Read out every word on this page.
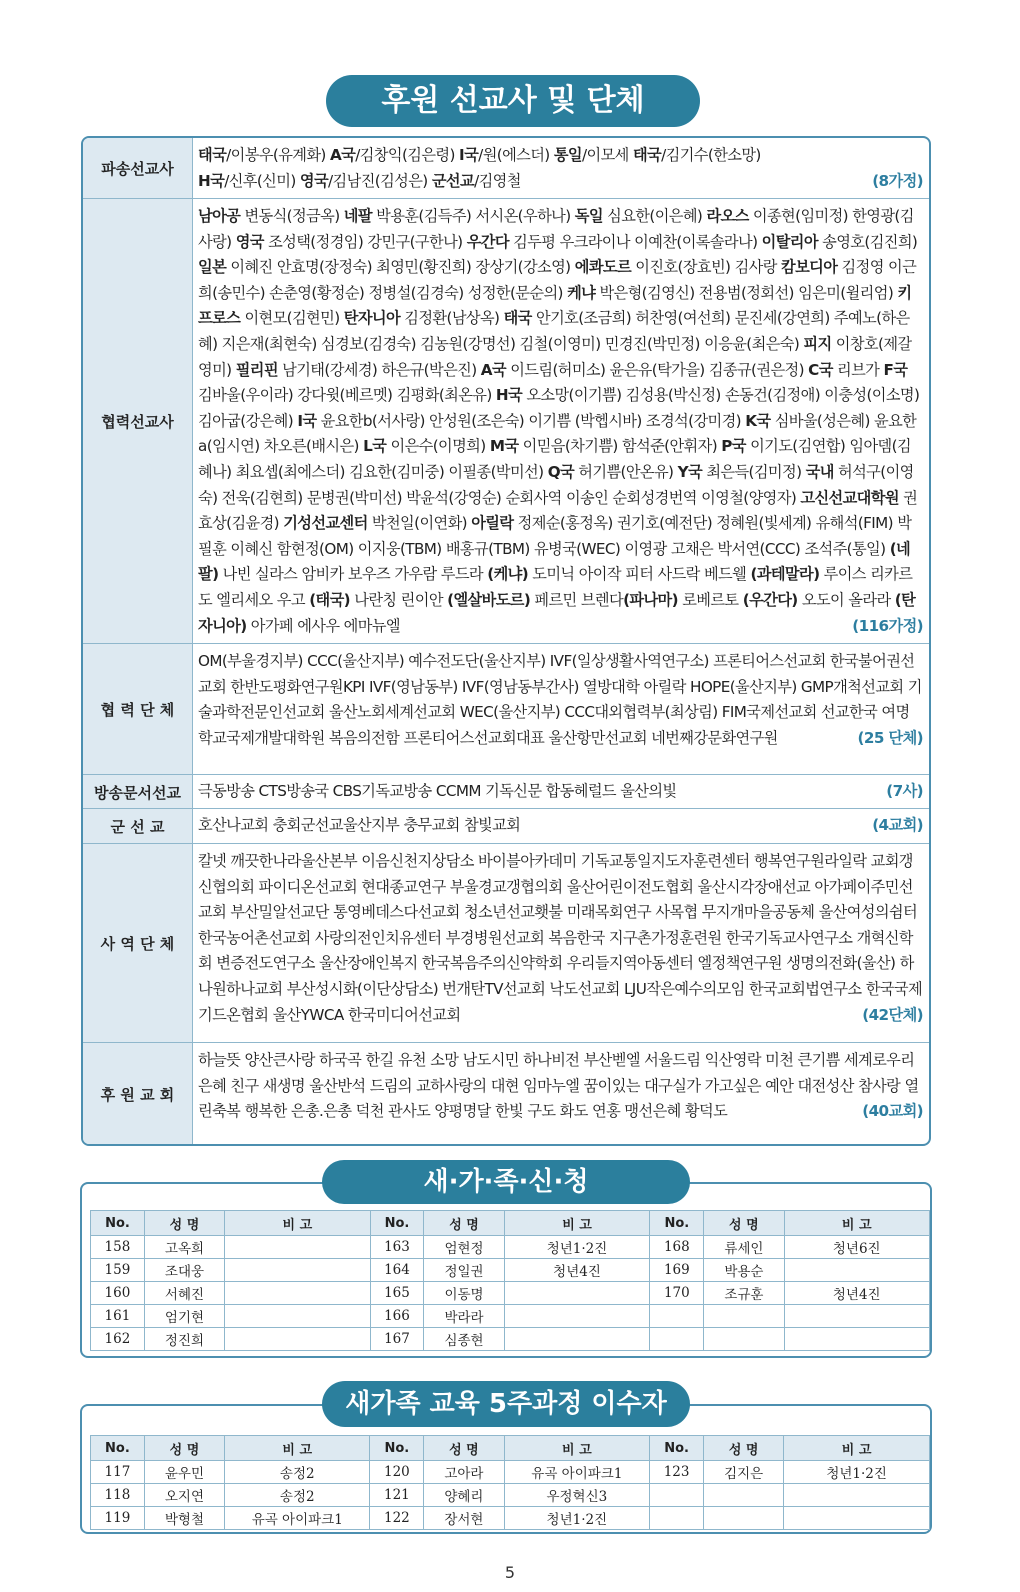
후원 선교사 및 단체
파송선교사
태국/이봉우(유계화) A국/김창익(김은령) I국/원(에스더) 통일/이모세 태국/김기수(한소망)
H국/신후(신미) 영국/김남진(김성은) 군선교/김영철	(8가정)
협력선교사
남아공 변동식(정금옥) 네팔 박용훈(김득주) 서시온(우하나) 독일 심요한(이은혜) 라오스 이종현(임미정) 한영광(김사랑) 영국 조성택(정경임) 강민구(구한나) 우간다 김두평 우크라이나 이예찬(이록솔라나) 이탈리아 송영호(김진희) 일본 이혜진 안효명(장정숙) 최영민(황진희) 장상기(강소영) 에콰도르 이진호(장효빈) 김사랑 캄보디아 김정영 이근희(송민수) 손춘영(황정순) 정병설(김경숙) 성정한(문순의) 케냐 박은형(김영신) 전용범(정회선) 임은미(윌리엄) 키프로스 이현모(김현민) 탄자니아 김정환(남상옥) 태국 안기호(조금희) 허찬영(여선희) 문진세(강연희) 주예노(하은혜) 지은재(최현숙) 심경보(김경숙) 김농원(강명선) 김철(이영미) 민경진(박민정) 이응윤(최은숙) 피지 이창호(제갈영미) 필리핀 남기태(강세경) 하은규(박은진) A국 이드림(허미소) 윤은유(탁가을) 김종규(권은정) C국 리브가 F국 김바울(우이라) 강다윗(베르멧) 김평화(최온유) H국 오소망(이기쁨) 김성용(박신정) 손동건(김정애) 이충성(이소명) 김아굽(강은혜) I국 윤요한b(서사랑) 안성원(조은숙) 이기쁨 (박헵시바) 조경석(강미경) K국 심바울(성은혜) 윤요한a(임시연) 차오른(배시은) L국 이은수(이명희) M국 이믿음(차기쁨) 함석준(안휘자) P국 이기도(김연합) 임아뎀(김혜나) 최요셉(최에스더) 김요한(김미중) 이필종(박미선) Q국 허기쁨(안온유) Y국 최은득(김미정) 국내 허석구(이영숙) 전욱(김현희) 문병권(박미선) 박윤석(강영순) 순회사역 이송인 순회성경번역 이영철(양영자) 고신선교대학원 권효상(김윤경) 기성선교센터 박천일(이연화) 아릴락 정제순(홍정옥) 권기호(예전단) 정혜원(빛세계) 유해석(FIM) 박필훈 이혜신 함현정(OM) 이지웅(TBM) 배홍규(TBM) 유병국(WEC) 이영광 고채은 박서연(CCC) 조석주(통일) (네팔) 나빈 실라스 암비카 보우즈 가우람 루드라 (케냐) 도미닉 아이작 피터 사드락 베드웰 (과테말라) 루이스 리카르도 엘리세오 우고 (태국) 나란칭 린이안 (엘살바도르) 페르민 브렌다(파나마) 로베르토 (우간다) 오도이 올라라 (탄자니아) 아가페 에사우 에마뉴엘	(116가정)
협 력 단 체
OM(부울경지부) CCC(울산지부) 예수전도단(울산지부) IVF(일상생활사역연구소) 프론티어스선교회 한국불어권선교회 한반도평화연구원KPI IVF(영남동부) IVF(영남동부간사) 열방대학 아릴락 HOPE(울산지부) GMP개척선교회 기술과학전문인선교회 울산노회세계선교회 WEC(울산지부) CCC대외협력부(최상림) FIM국제선교회 선교한국 여명학교국제개발대학원 복음의전함 프론티어스선교회대표 울산항만선교회 네번째강문화연구원	(25 단체)
방송문서선교	극동방송 CTS방송국 CBS기독교방송 CCMM 기독신문 합동헤럴드 울산의빛	(7사)
군 선 교	호산나교회 충회군선교울산지부 충무교회 참빛교회	(4교회)
사 역 단 체
칼넷 깨끗한나라울산본부 이음신천지상담소 바이블아카데미 기독교통일지도자훈련센터 행복연구원라일락 교회갱신협의회 파이디온선교회 현대종교연구 부울경교갱협의회 울산어린이전도협회 울산시각장애선교 아가페이주민선교회 부산밀알선교단 통영베데스다선교회 청소년선교횃불 미래목회연구 사목협 무지개마을공동체 울산여성의쉼터 한국농어촌선교회 사랑의전인치유센터 부경병원선교회 복음한국 지구촌가정훈련원 한국기독교사연구소 개혁신학회 변증전도연구소 울산장애인복지 한국복음주의신약학회 우리들지역아동센터 엘정책연구원 생명의전화(울산) 하나원하나교회 부산성시화(이단상담소) 번개탄TV선교회 낙도선교회 LJU작은예수의모임 한국교회법연구소 한국국제기드온협회 울산YWCA 한국미디어선교회	(42단체)
후 원 교 회
하늘뜻 양산큰사랑 하국곡 한길 유천 소망 남도시민 하나비전 부산벧엘 서울드림 익산영락 미천 큰기쁨 세계로우리 은혜 친구 새생명 울산반석 드림의 교하사랑의 대현 임마누엘 꿈이있는 대구실가 가고싶은 예안 대전성산 참사랑 열린축복 행복한 은총.은총 덕천 관사도 양평명달 한빛 구도 화도 연홍 맹선은혜 황덕도	(40교회)
No.	성 명	비 고	No.	성 명	비 고	No.	성 명	비 고
158	고옥희		163	엄현정	청년1·2진	168	류세인	청년6진
159	조대웅		164	정일권	청년4진	169	박용순	
160	서혜진		165	이동명		170	조규훈	청년4진
161	엄기현		166	박라라				
162	정진희		167	심종현				
새·가·족·신·청
No.	성 명	비 고	No.	성 명	비 고	No.	성 명	비 고
117	윤우민	송정2	120	고아라	유곡 아이파크1	123	김지은	청년1·2진
118	오지연	송정2	121	양혜리	우정혁신3			
119	박형철	유곡 아이파크1	122	장서현	청년1·2진			
새가족 교육 5주과정 이수자
5
